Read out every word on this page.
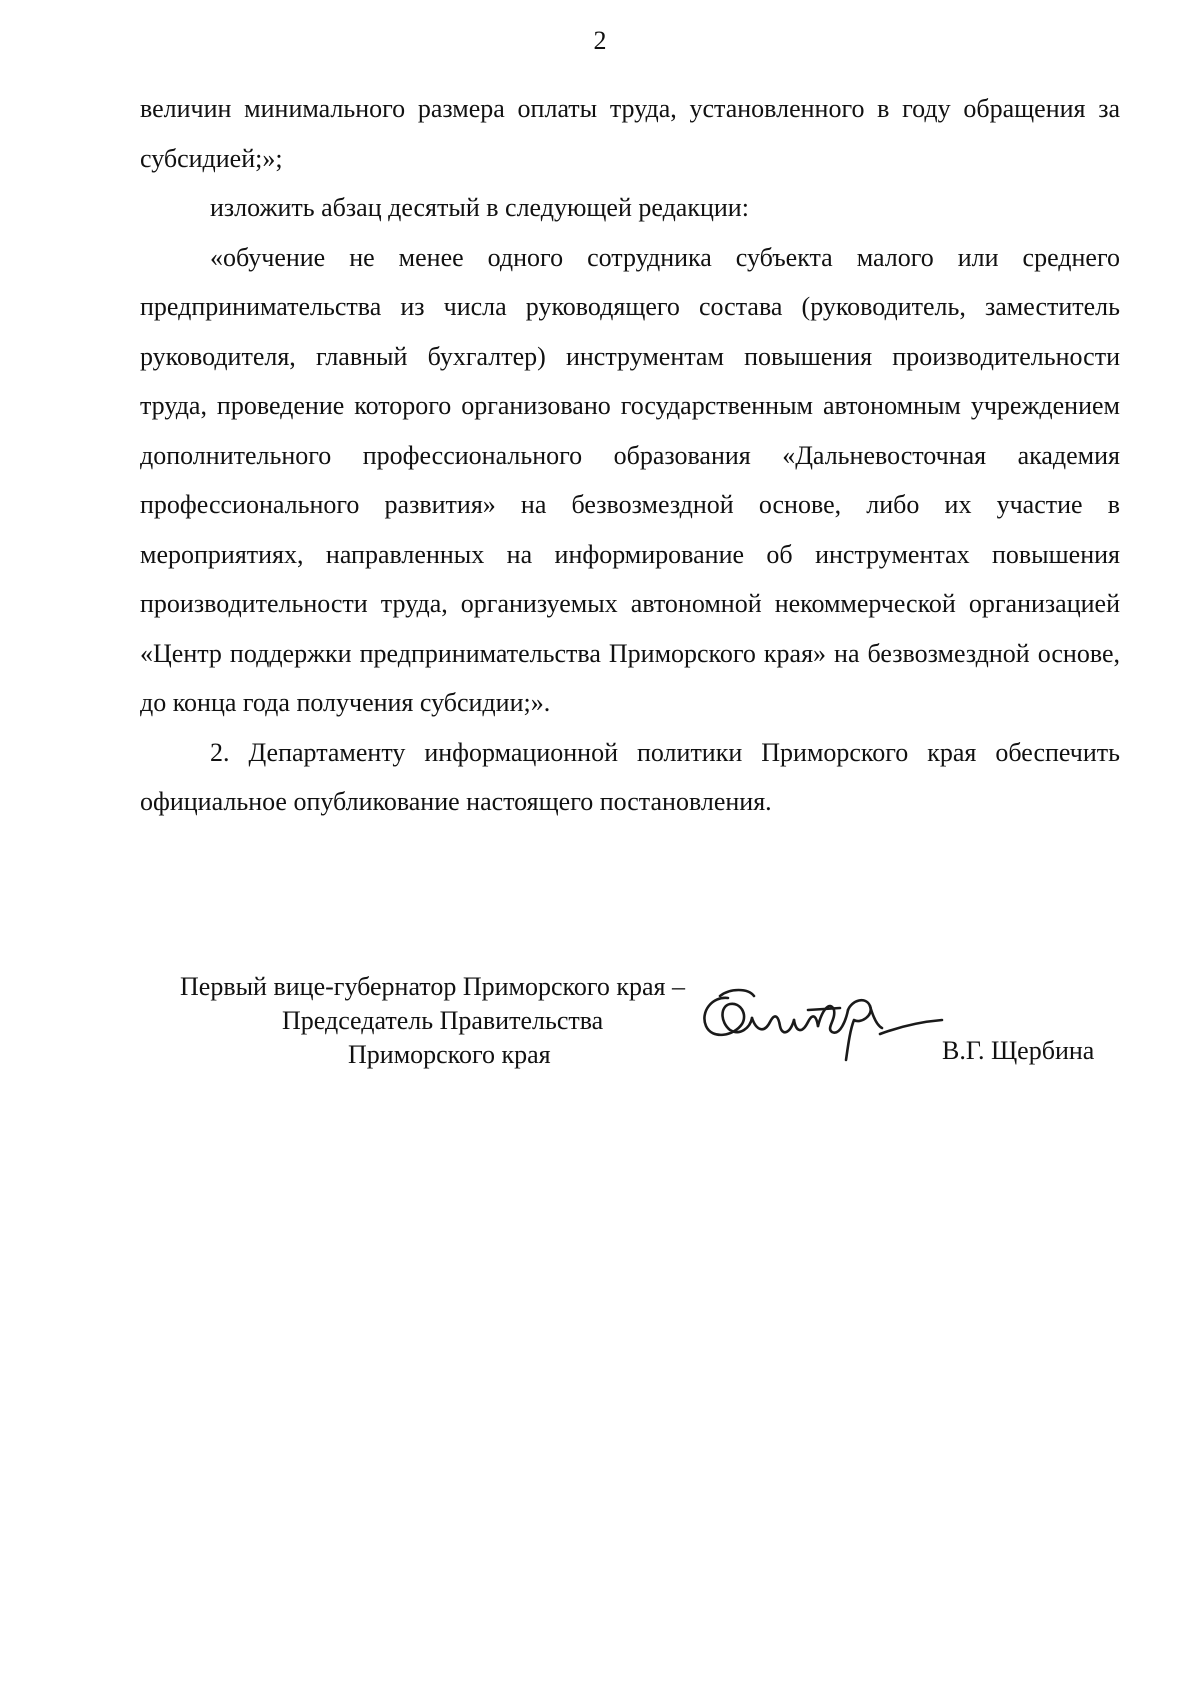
2

величин минимального размера оплаты труда, установленного в году обращения за субсидией;»;

изложить абзац десятый в следующей редакции:

«обучение не менее одного сотрудника субъекта малого или среднего предпринимательства из числа руководящего состава (руководитель, заместитель руководителя, главный бухгалтер) инструментам повышения производительности труда, проведение которого организовано государственным автономным учреждением дополнительного профессионального образования «Дальневосточная академия профессионального развития» на безвозмездной основе, либо их участие в мероприятиях, направленных на информирование об инструментах повышения производительности труда, организуемых автономной некоммерческой организацией «Центр поддержки предпринимательства Приморского края» на безвозмездной основе, до конца года получения субсидии;».

2. Департаменту информационной политики Приморского края обеспечить официальное опубликование настоящего постановления.

Первый вице-губернатор Приморского края –
Председатель Правительства
Приморского края	В.Г. Щербина
